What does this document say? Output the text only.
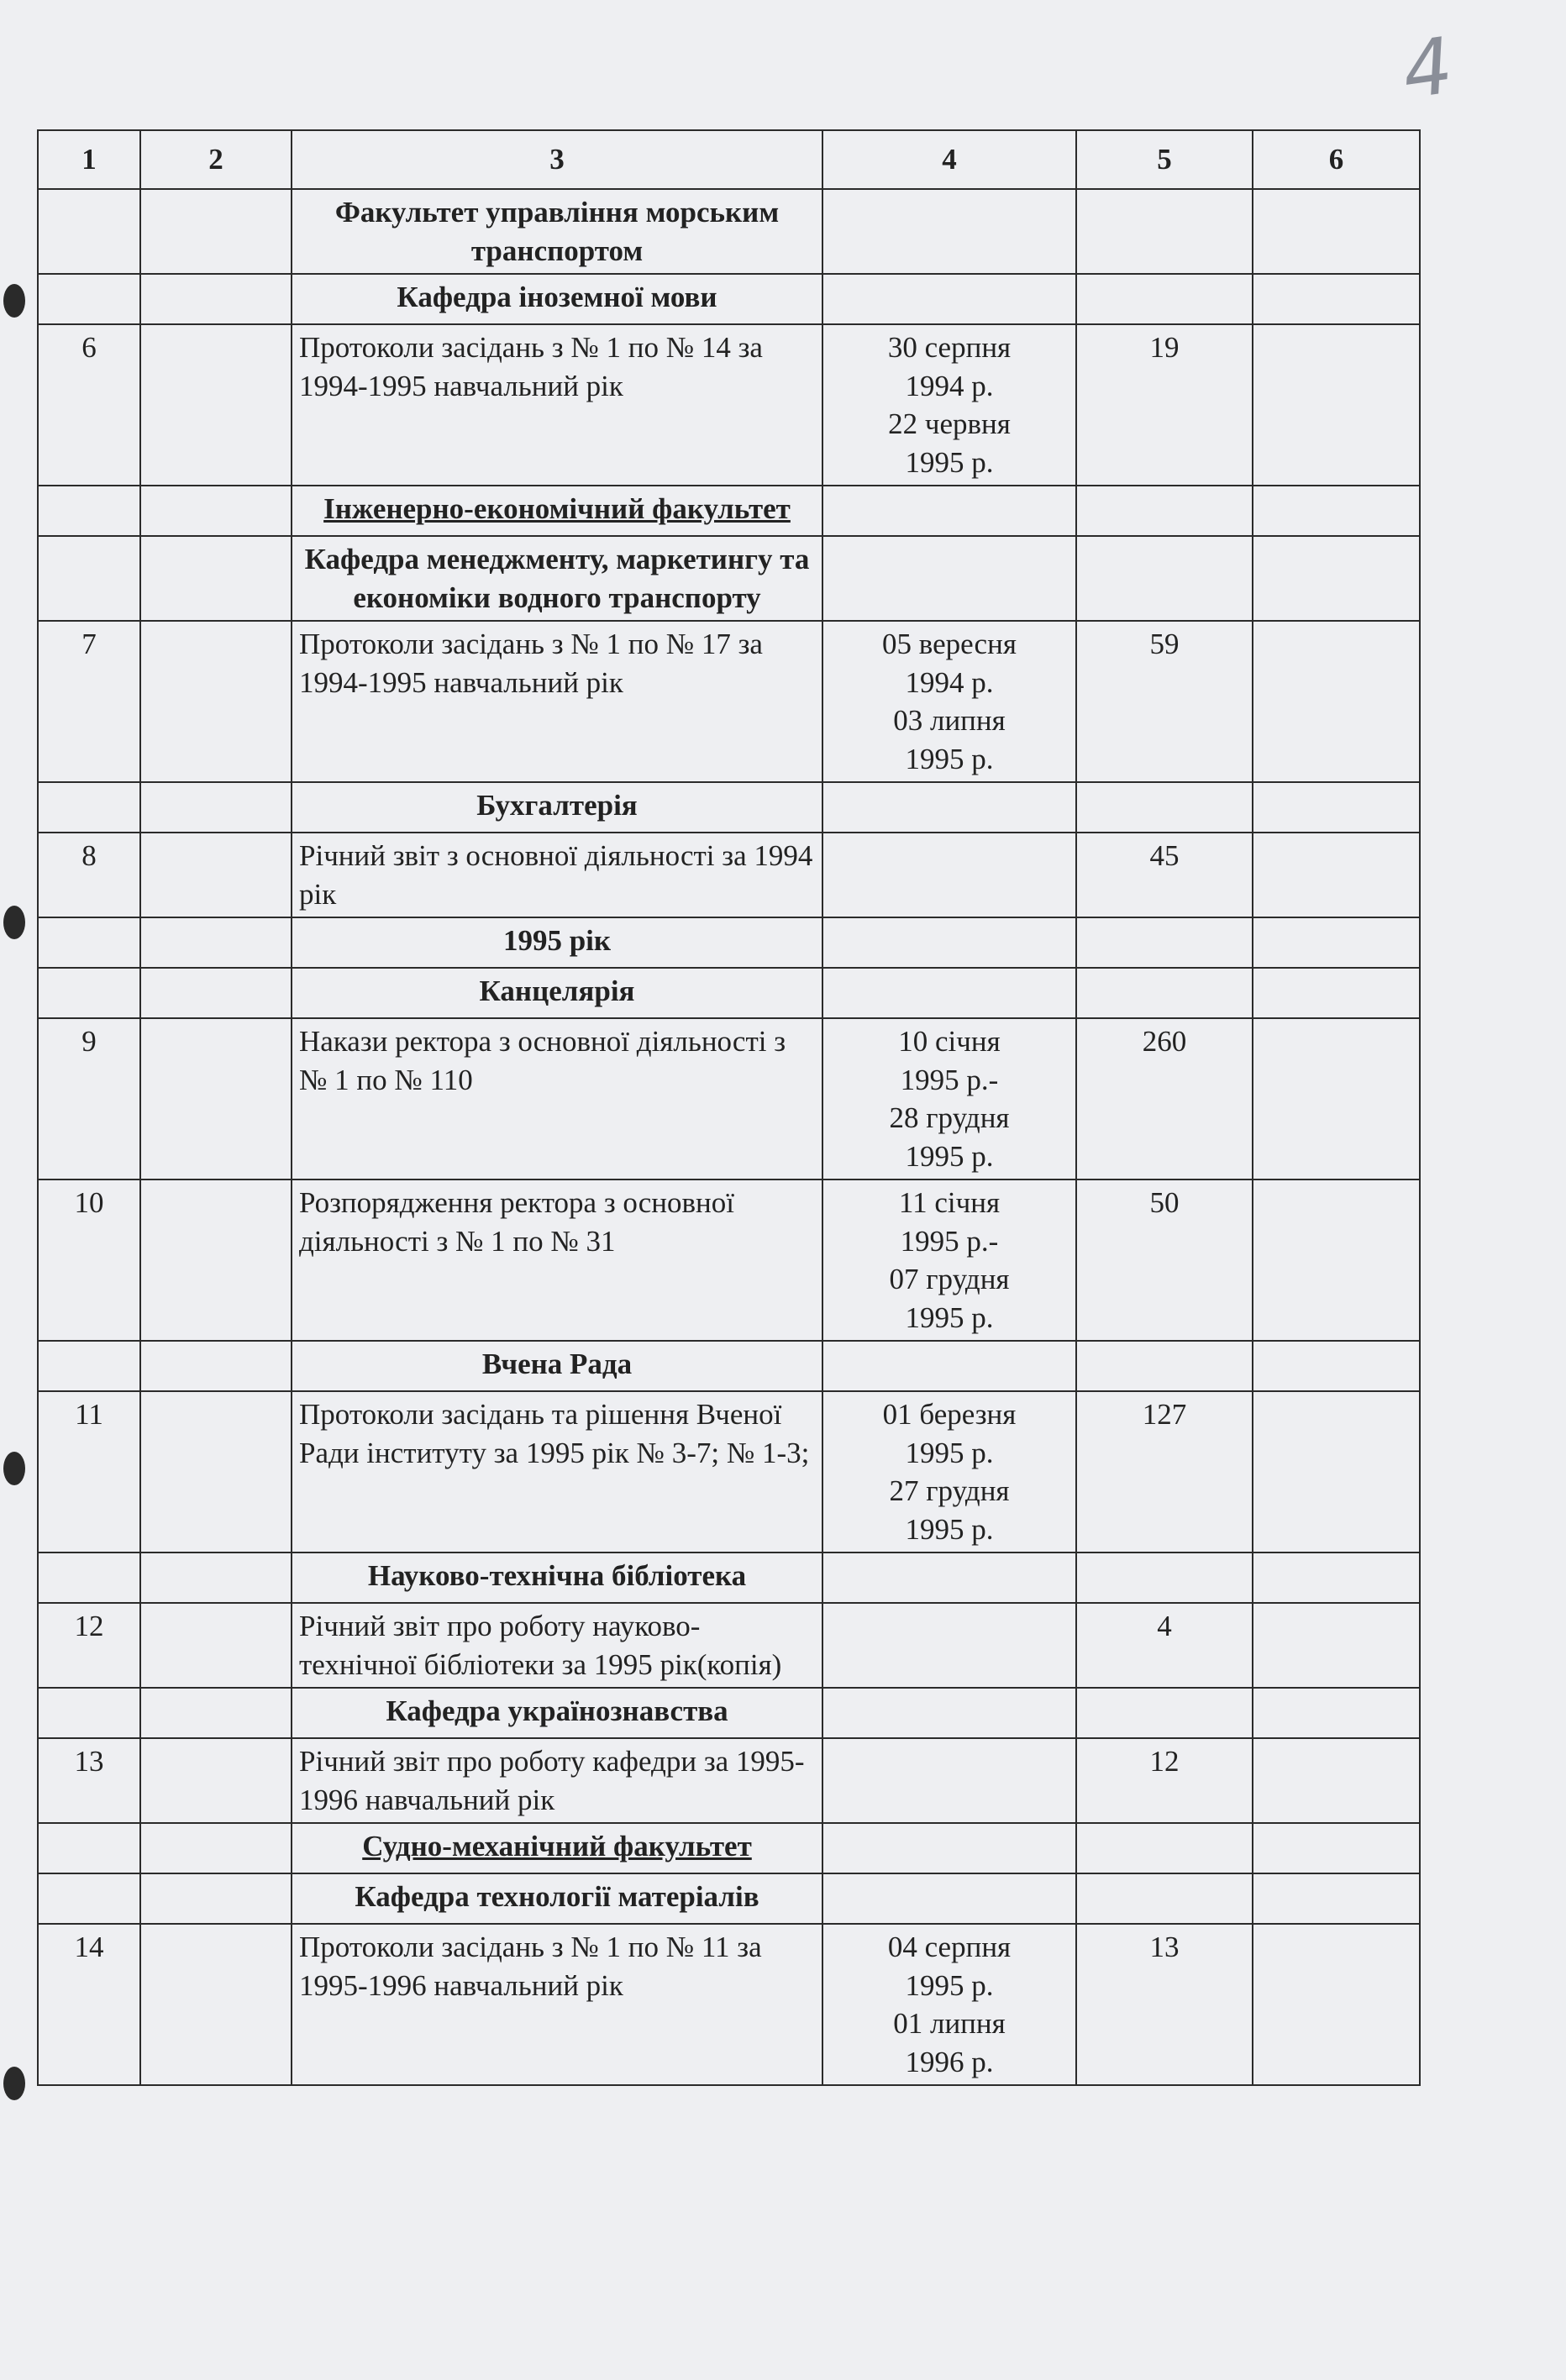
4
1	2	3	4	5	6
		Факультет управління морським транспортом			
		Кафедра іноземної мови			
6		Протоколи засідань з № 1 по № 14 за 1994-1995 навчальний рік	30 серпня
1994 р.
22 червня
1995 р.	19	
		Інженерно-економічний факультет			
		Кафедра менеджменту, маркетингу та економіки водного транспорту			
7		Протоколи засідань з № 1 по № 17 за 1994-1995 навчальний рік	05 вересня
1994 р.
03 липня
1995 р.	59	
		Бухгалтерія			
8		Річний звіт з основної діяльності за 1994 рік		45	
		1995 рік			
		Канцелярія			
9		Накази ректора з основної діяльності з № 1 по № 110	10 січня
1995 р.-
28 грудня
1995 р.	260	
10		Розпорядження ректора з основної діяльності з № 1 по № 31	11 січня
1995 р.-
07 грудня
1995 р.	50	
		Вчена Рада			
11		Протоколи засідань та рішення Вченої Ради інституту за 1995 рік № 3-7; № 1-3;	01 березня
1995 р.
27 грудня
1995 р.	127	
		Науково-технічна бібліотека			
12		Річний звіт про роботу науково-технічної бібліотеки за 1995 рік(копія)		4	
		Кафедра українознавства			
13		Річний звіт про роботу кафедри за 1995-1996 навчальний рік		12	
		Судно-механічний факультет			
		Кафедра технології матеріалів			
14		Протоколи засідань з № 1 по № 11 за 1995-1996 навчальний рік	04 серпня
1995 р.
01 липня
1996 р.	13	
